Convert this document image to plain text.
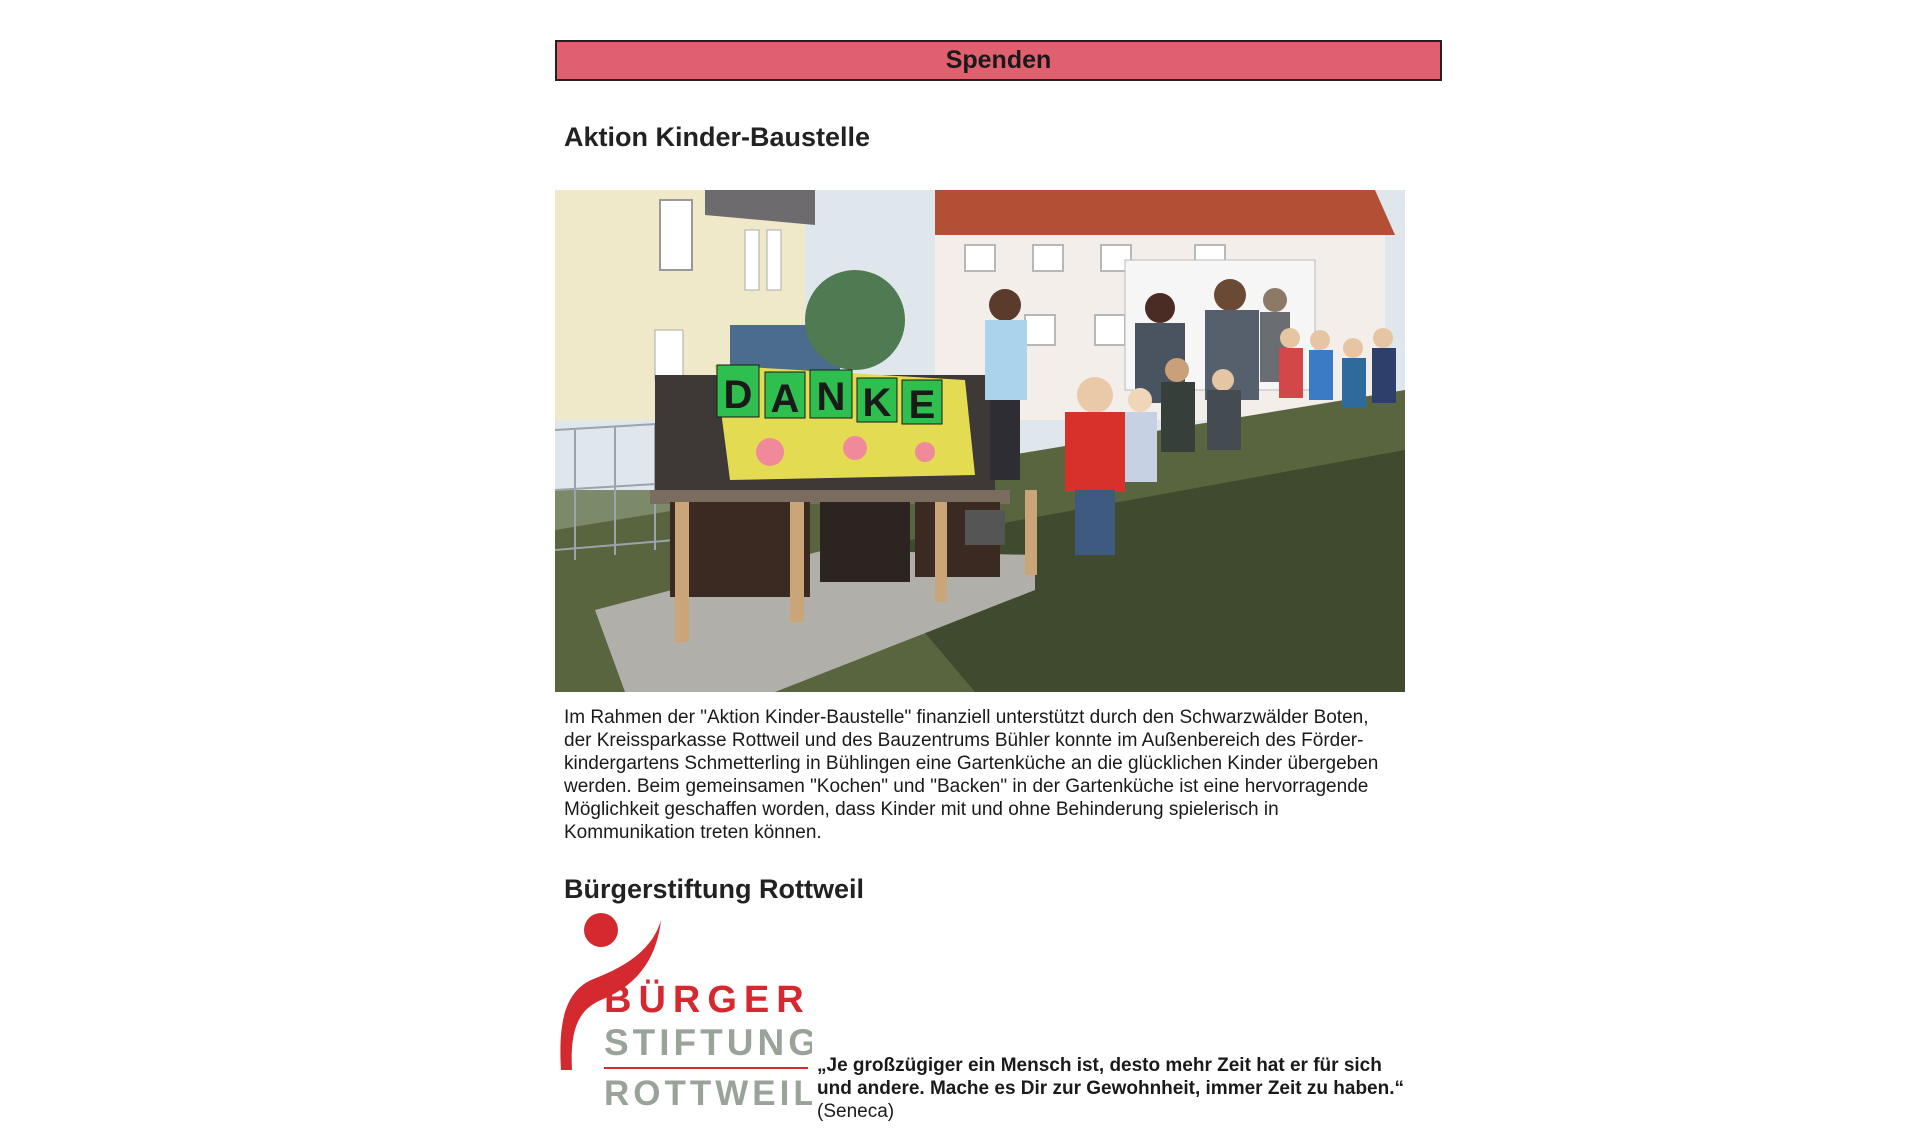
Spenden
Aktion Kinder-Baustelle
D A N K E
Im Rahmen der "Aktion Kinder-Baustelle" finanziell unterstützt durch den Schwarzwälder Boten,
der Kreissparkasse Rottweil und des Bauzentrums Bühler konnte im Außenbereich des Förder-
kindergartens Schmetterling in Bühlingen eine Gartenküche an die glücklichen Kinder übergeben
werden. Beim gemeinsamen "Kochen" und "Backen" in der Gartenküche ist eine hervorragende
Möglichkeit geschaffen worden, dass Kinder mit und ohne Behinderung spielerisch in
Kommunikation treten können.
Bürgerstiftung Rottweil
BÜRGER
STIFTUNG
ROTTWEIL
„Je großzügiger ein Mensch ist, desto mehr Zeit hat er für sich
und andere. Mache es Dir zur Gewohnheit, immer Zeit zu haben.“
(Seneca)
